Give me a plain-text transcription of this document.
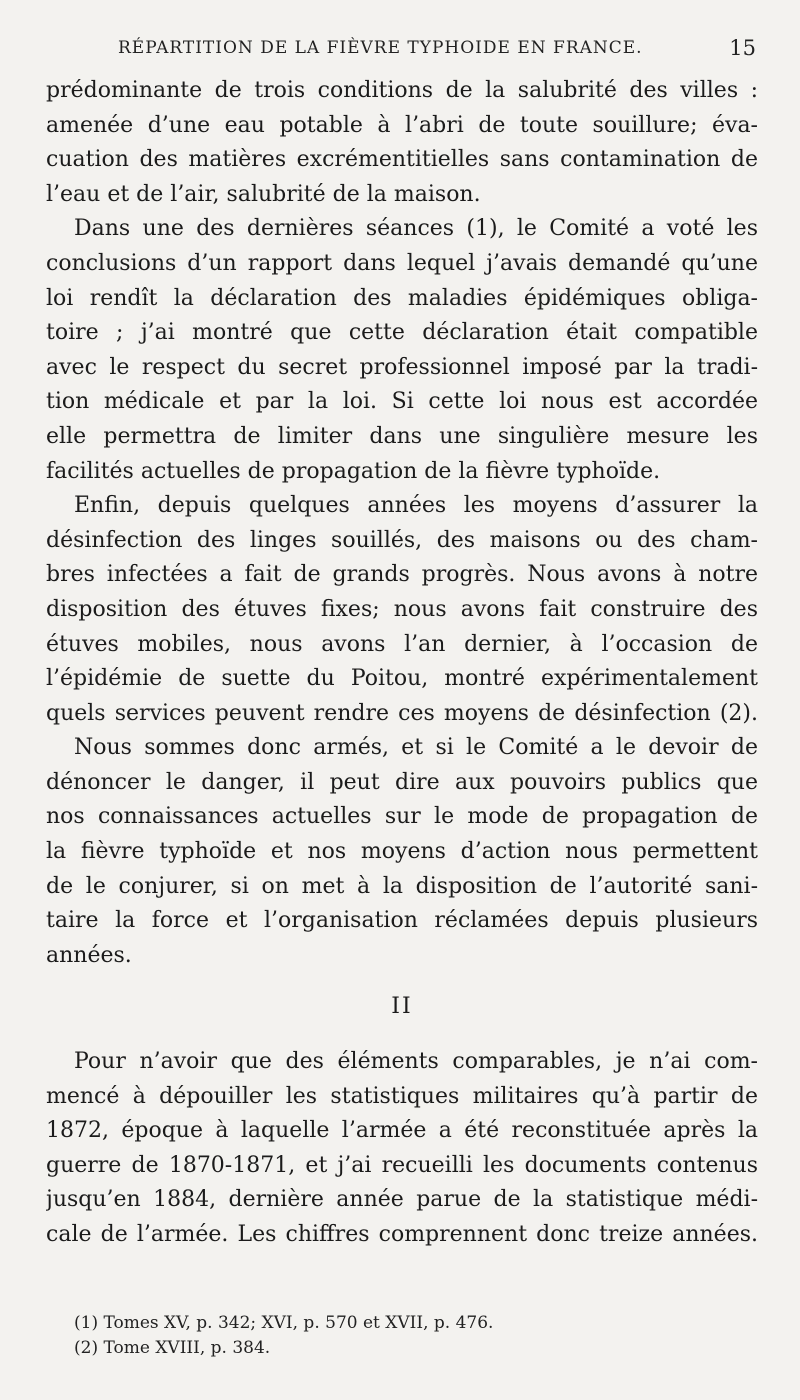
RÉPARTITION DE LA FIÈVRE TYPHOIDE EN FRANCE.	15
prédominante de trois conditions de la salubrité des villes :
amenée d’une eau potable à l’abri de toute souillure; éva-
cuation des matières excrémentitielles sans contamination de
l’eau et de l’air, salubrité de la maison.
Dans une des dernières séances (1), le Comité a voté les
conclusions d’un rapport dans lequel j’avais demandé qu’une
loi rendît la déclaration des maladies épidémiques obliga-
toire ; j’ai montré que cette déclaration était compatible
avec le respect du secret professionnel imposé par la tradi-
tion médicale et par la loi. Si cette loi nous est accordée
elle permettra de limiter dans une singulière mesure les
facilités actuelles de propagation de la fièvre typhoïde.
Enfin, depuis quelques années les moyens d’assurer la
désinfection des linges souillés, des maisons ou des cham-
bres infectées a fait de grands progrès. Nous avons à notre
disposition des étuves fixes; nous avons fait construire des
étuves mobiles, nous avons l’an dernier, à l’occasion de
l’épidémie de suette du Poitou, montré expérimentalement
quels services peuvent rendre ces moyens de désinfection (2).
Nous sommes donc armés, et si le Comité a le devoir de
dénoncer le danger, il peut dire aux pouvoirs publics que
nos connaissances actuelles sur le mode de propagation de
la fièvre typhoïde et nos moyens d’action nous permettent
de le conjurer, si on met à la disposition de l’autorité sani-
taire la force et l’organisation réclamées depuis plusieurs
années.
II
Pour n’avoir que des éléments comparables, je n’ai com-
mencé à dépouiller les statistiques militaires qu’à partir de
1872, époque à laquelle l’armée a été reconstituée après la
guerre de 1870-1871, et j’ai recueilli les documents contenus
jusqu’en 1884, dernière année parue de la statistique médi-
cale de l’armée. Les chiffres comprennent donc treize années.
(1) Tomes XV, p. 342; XVI, p. 570 et XVII, p. 476.
(2) Tome XVIII, p. 384.
